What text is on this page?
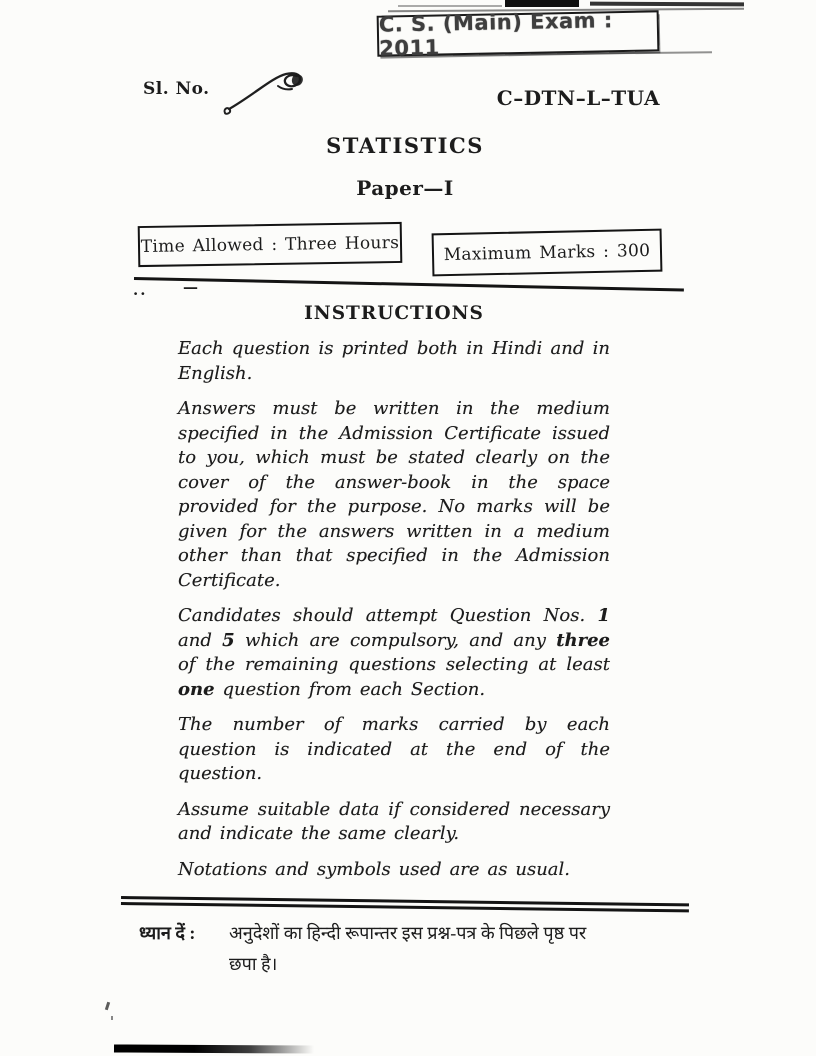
C. S. (Main) Exam : 2011
Sl. No.	C–DTN–L–TUA
STATISTICS
Paper—I
Time Allowed : Three Hours	Maximum Marks : 300
.. —
INSTRUCTIONS

Each question is printed both in Hindi and in English.

Answers must be written in the medium specified in the Admission Certificate issued to you, which must be stated clearly on the cover of the answer-book in the space provided for the purpose. No marks will be given for the answers written in a medium other than that specified in the Admission Certificate.

Candidates should attempt Question Nos. 1 and 5 which are compulsory, and any three of the remaining questions selecting at least one question from each Section.

The number of marks carried by each question is indicated at the end of the question.

Assume suitable data if considered necessary and indicate the same clearly.

Notations and symbols used are as usual.

ध्यान दें : अनुदेशों का हिन्दी रूपान्तर इस प्रश्न-पत्र के पिछले पृष्ठ पर
छपा है।
